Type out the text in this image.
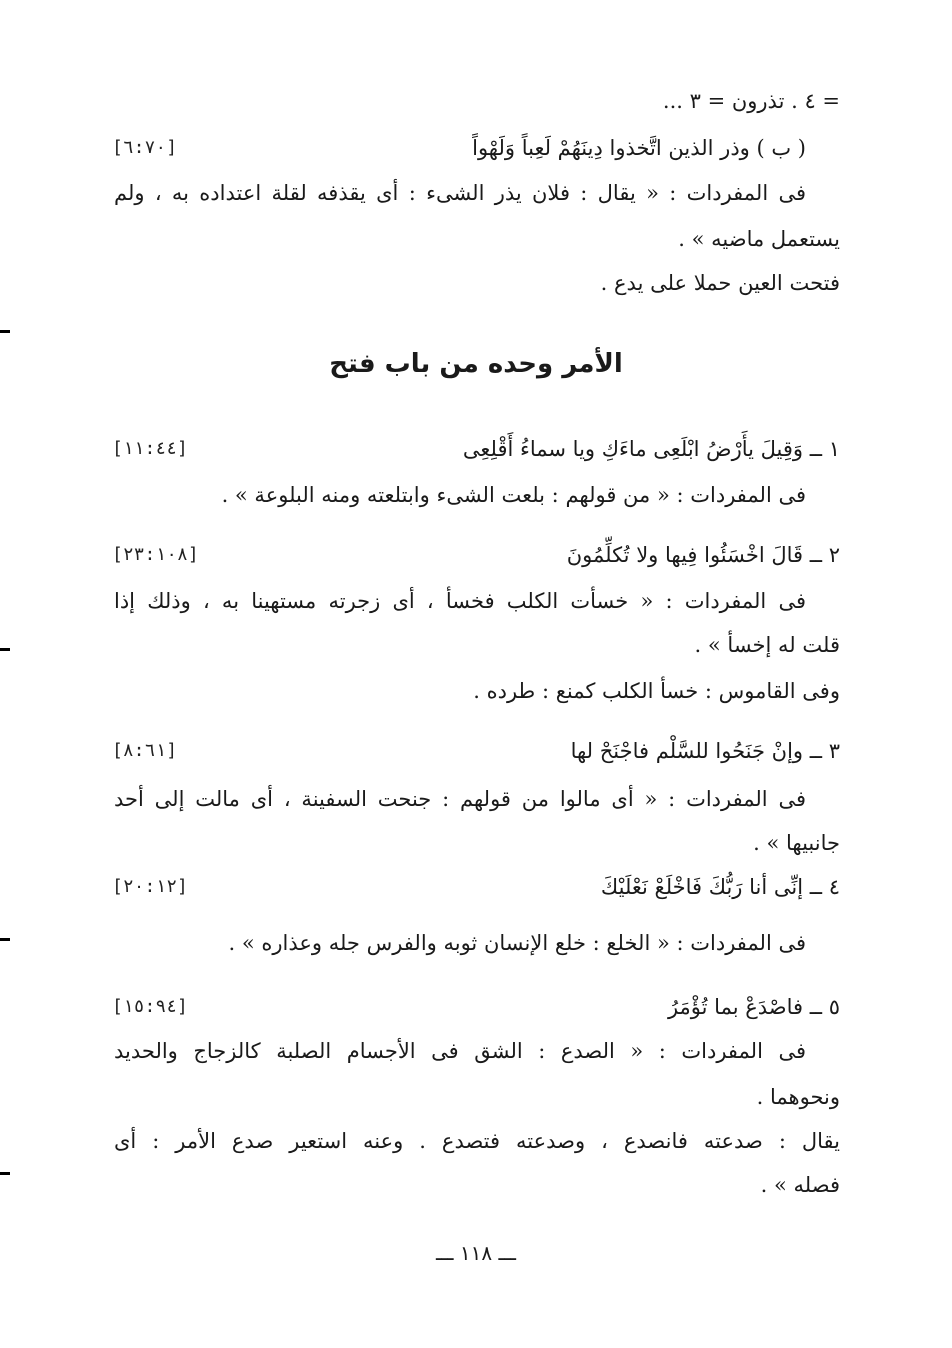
= ٤ . تذرون = ٣ ...
( ب ) وذر الذين اتَّخذوا دِينَهُمْ لَعِباً وَلَهْواً
[٦:٧٠]
فى المفردات : « يقال : فلان يذر الشىء : أى يقذفه لقلة اعتداده به ، ولم
يستعمل ماضيه » .
فتحت العين حملا على يدع .
الأمر وحده من باب فتح
١ ــ وَقِيلَ يأَرْضُ ابْلَعِى ماءَكِ ويا سماءُ أَقْلِعِى
[١١:٤٤]
فى المفردات : « من قولهم : بلعت الشىء وابتلعته ومنه البلوعة » .
٢ ــ قَالَ اخْسَئُوا فِيها ولا تُكلِّمُونَ
[٢٣:١٠٨]
فى المفردات : « خسأت الكلب فخسأ ، أى زجرته مستهينا به ، وذلك إذا
قلت له إخسأ » .
وفى القاموس : خسأ الكلب كمنع : طرده .
٣ ــ وإنْ جَنَحُوا للسَّلْم فاجْنَحْ لها
[٨:٦١]
فى المفردات : « أى مالوا من قولهم : جنحت السفينة ، أى مالت إلى أحد
جانبيها » .
٤ ــ إنِّى أنا رَبُّكَ فَاخْلَعْ نَعْلَيْكَ
[٢٠:١٢]
فى المفردات : « الخلع : خلع الإنسان ثوبه والفرس جله وعذاره » .
٥ ــ فاصْدَعْ بما تُؤْمَرُ
[١٥:٩٤]
فى المفردات : « الصدع : الشق فى الأجسام الصلبة كالزجاج والحديد
ونحوهما .
يقال : صدعته فانصدع ، وصدعته فتصدع . وعنه استعير صدع الأمر : أى
فصله » .
ـــ ١١٨ ـــ
